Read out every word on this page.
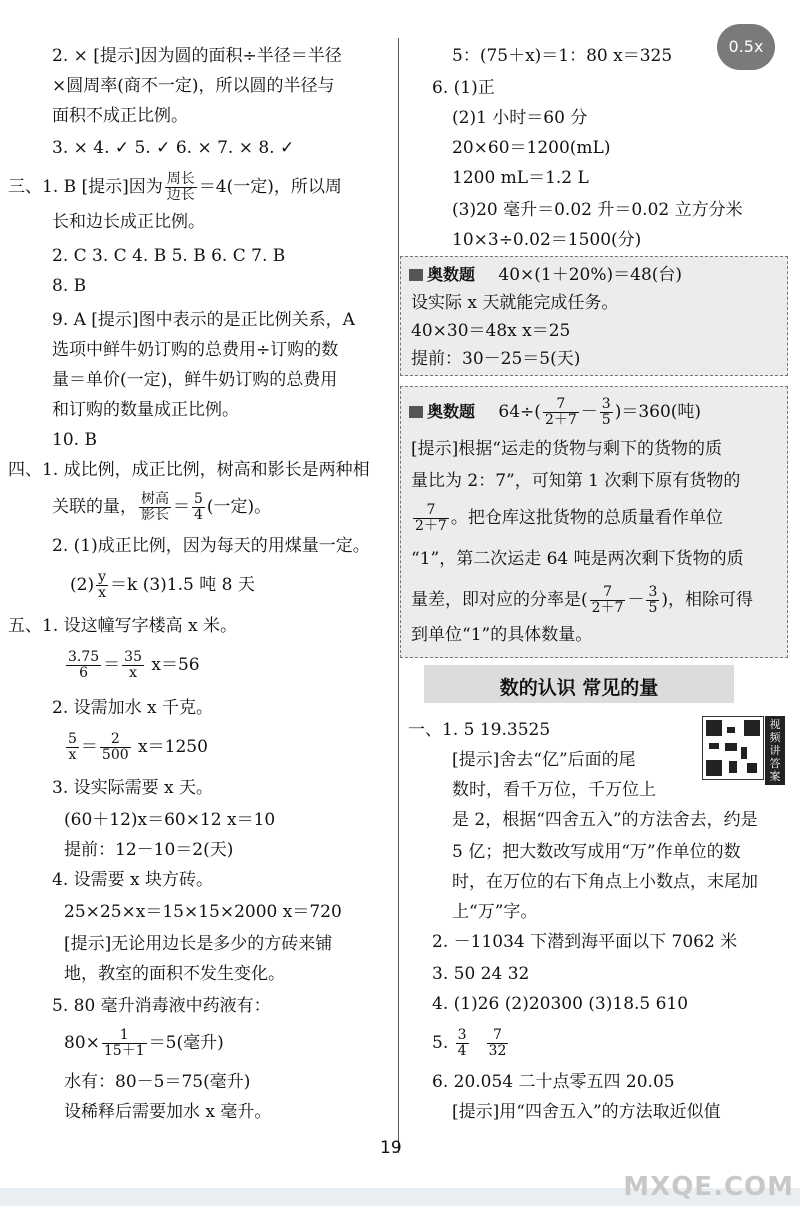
0.5x
2. × [提示]因为圆的面积÷半径＝半径
×圆周率(商不一定)，所以圆的半径与
面积不成正比例。
3. × 4. ✓ 5. ✓ 6. × 7. × 8. ✓
三、1. B [提示]因为 $\frac{\text{周长}}{\text{边长}} =4$(一定)，所以周
长和边长成正比例。
2. C 3. C 4. B 5. B 6. C 7. B
8. B
9. A [提示]图中表示的是正比例关系，A
选项中鲜牛奶订购的总费用÷订购的数
量＝单价(一定)，鲜牛奶订购的总费用
和订购的数量成正比例。
10. B
四、1. 成比例，成正比例，树高和影长是两种相
关联的量， $\frac{\text{树高}}{\text{影长}} = \frac{5}{4}$ (一定)。
2. (1)成正比例，因为每天的用煤量一定。
$(2) \frac{y}{x} =k$ (3)1.5 吨 8 天
五、1. 设这幢写字楼高 x 米。
$\frac{3.75}{6} = \frac{35}{x} x=56$
2. 设需加水 x 千克。
$\frac{5}{x} = \frac{2}{500} x=1250$
3. 设实际需要 x 天。
(60＋12)x＝60×12 x＝10
提前：12－10＝2(天)
4. 设需要 x 块方砖。
25×25×x＝15×15×2000 x＝720
[提示]无论用边长是多少的方砖来铺
地，教室的面积不发生变化。
5. 80 毫升消毒液中药液有：
$80\times \frac{1}{15+1} =5$(毫升)
水有：80－5＝75(毫升)
设稀释后需要加水 x 毫升。
5：(75＋x)＝1：80 x＝325
6. (1)正
(2)1 小时＝60 分
20×60＝1200(mL)
1200 mL＝1.2 L
(3)20 毫升＝0.02 升＝0.02 立方分米
10×3÷0.02＝1500(分)
奥数题 40×(1＋20%)＝48(台)
设实际 x 天就能完成任务。
40×30＝48x x＝25
提前：30－25＝5(天)
奥数题 $64\div( \frac{7}{2+7} - \frac{3}{5} )=360$(吨)
[提示]根据“运走的货物与剩下的货物的质
量比为 2：7”，可知第 1 次剩下原有货物的
$\frac{7}{2+7}$ 。把仓库这批货物的总质量看作单位
“1”，第二次运走 64 吨是两次剩下货物的质
量差，即对应的分率是( $\frac{7}{2+7} - \frac{3}{5}$ )，相除可得
到单位“1”的具体数量。
数的认识 常见的量
视频讲答案
一、1. 5 19.3525
[提示]舍去“亿”后面的尾
数时，看千万位，千万位上
是 2，根据“四舍五入”的方法舍去，约是
5 亿；把大数改写成用“万”作单位的数
时，在万位的右下角点上小数点，末尾加
上“万”字。
2. －11034 下潜到海平面以下 7062 米
3. 50 24 32
4. (1)26 (2)20300 (3)18.5 610
5. $\frac{3}{4} \frac{7}{32}$
6. 20.054 二十点零五四 20.05
[提示]用“四舍五入”的方法取近似值
19
MXQE.COM
